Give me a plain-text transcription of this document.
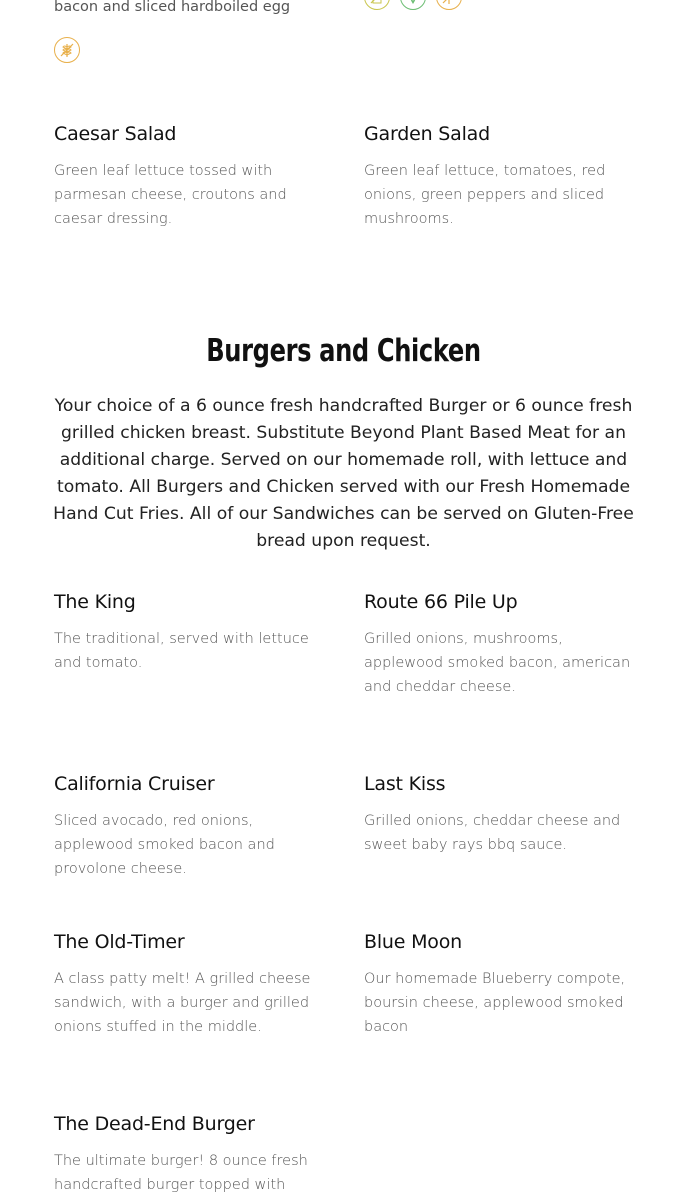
bacon and sliced hardboiled egg
Caesar Salad
Green leaf lettuce tossed with parmesan cheese, croutons and caesar dressing.
Garden Salad
Green leaf lettuce, tomatoes, red onions, green peppers and sliced mushrooms.
Burgers and Chicken
Your choice of a 6 ounce fresh handcrafted Burger or 6 ounce fresh grilled chicken breast. Substitute Beyond Plant Based Meat for an additional charge. Served on our homemade roll, with lettuce and tomato. All Burgers and Chicken served with our Fresh Homemade Hand Cut Fries. All of our Sandwiches can be served on Gluten-Free bread upon request.
The King
The traditional, served with lettuce and tomato.
Route 66 Pile Up
Grilled onions, mushrooms, applewood smoked bacon, american and cheddar cheese.
California Cruiser
Sliced avocado, red onions, applewood smoked bacon and provolone cheese.
Last Kiss
Grilled onions, cheddar cheese and sweet baby rays bbq sauce.
The Old-Timer
A class patty melt! A grilled cheese sandwich, with a burger and grilled onions stuffed in the middle.
Blue Moon
Our homemade Blueberry compote, boursin cheese, applewood smoked bacon
The Dead-End Burger
The ultimate burger! 8 ounce fresh handcrafted burger topped with
